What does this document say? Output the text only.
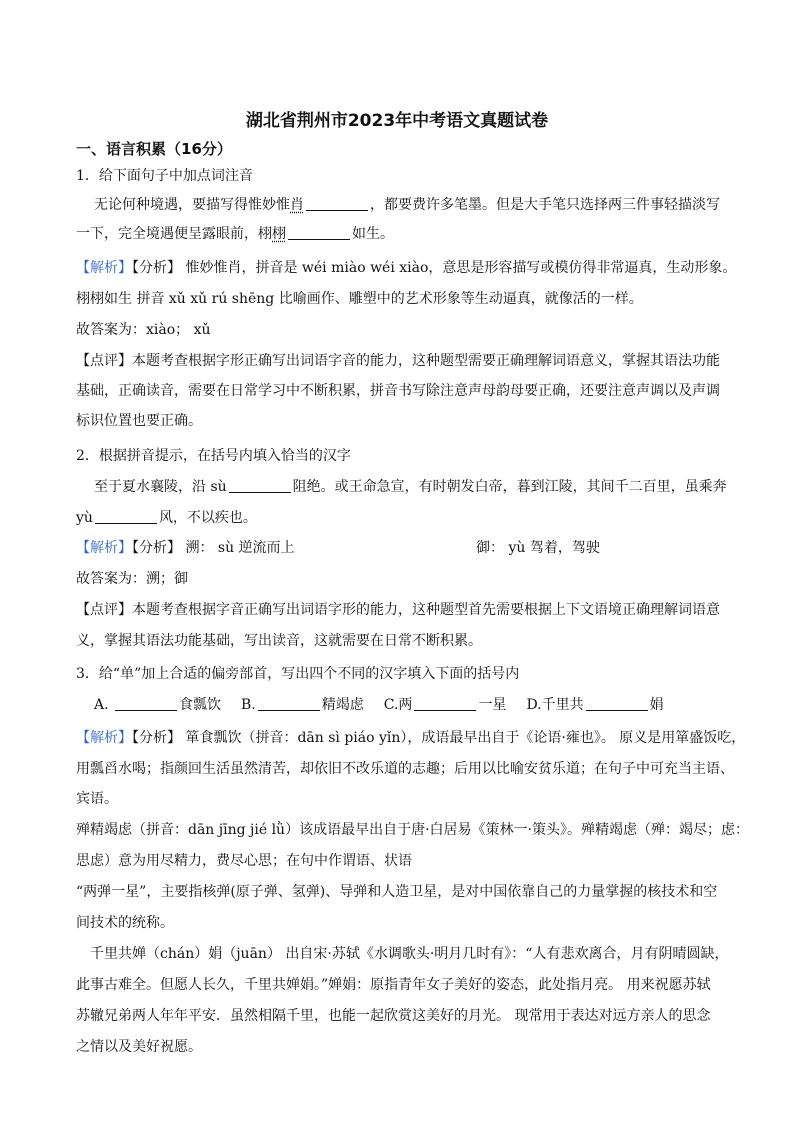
湖北省荆州市2023年中考语文真题试卷
一、语言积累（16分）
1．给下面句子中加点词注音
无论何种境遇，要描写得惟妙惟肖	，都要费许多笔墨。但是大手笔只选择两三件事轻描淡写
一下，完全境遇便呈露眼前，栩栩	如生。
【解析】【分析】 惟妙惟肖，拼音是 wéi miào wéi xiào，意思是形容描写或模仿得非常逼真，生动形象。
栩栩如生 拼音 xǔ xǔ rú shēng 比喻画作、雕塑中的艺术形象等生动逼真，就像活的一样。
故答案为：xiào； xǔ
【点评】本题考查根据字形正确写出词语字音的能力，这种题型需要正确理解词语意义，掌握其语法功能
基础，正确读音，需要在日常学习中不断积累，拼音书写除注意声母韵母要正确，还要注意声调以及声调
标识位置也要正确。
2．根据拼音提示，在括号内填入恰当的汉字
至于夏水襄陵，沿 sù	阻绝。或王命急宣，有时朝发白帝，暮到江陵，其间千二百里，虽乘奔
yù	风，不以疾也。
【解析】【分析】 溯： sù 逆流而上	御： yù 驾着，驾驶
故答案为：溯；御
【点评】本题考查根据字音正确写出词语字形的能力，这种题型首先需要根据上下文语境正确理解词语意
义，掌握其语法功能基础，写出读音，这就需要在日常不断积累。
3．给“单”加上合适的偏旁部首，写出四个不同的汉字填入下面的括号内
A.	食瓢饮 B.	精竭虑 C.两	一星 D.千里共	娟
【解析】【分析】 箪食瓢饮（拼音：dān sì piáo yǐn），成语最早出自于《论语·雍也》。 原义是用箪盛饭吃，
用瓢舀水喝；指颜回生活虽然清苦，却依旧不改乐道的志趣；后用以比喻安贫乐道；在句子中可充当主语、
宾语。
殚精竭虑（拼音：dān jīng jié lǜ）该成语最早出自于唐·白居易《策林一·策头》。殚精竭虑（殚：竭尽；虑：
思虑）意为用尽精力，费尽心思；在句中作谓语、状语
“两弹一星”，主要指核弹(原子弹、氢弹)、导弹和人造卫星，是对中国依靠自己的力量掌握的核技术和空
间技术的统称。
千里共婵（chán）娟（juān） 出自宋·苏轼《水调歌头·明月几时有》：“人有悲欢离合，月有阴晴圆缺，
此事古难全。但愿人长久，千里共婵娟。”婵娟：原指青年女子美好的姿态，此处指月亮。 用来祝愿苏轼
苏辙兄弟两人年年平安．虽然相隔千里，也能一起欣赏这美好的月光。 现常用于表达对远方亲人的思念
之情以及美好祝愿。
